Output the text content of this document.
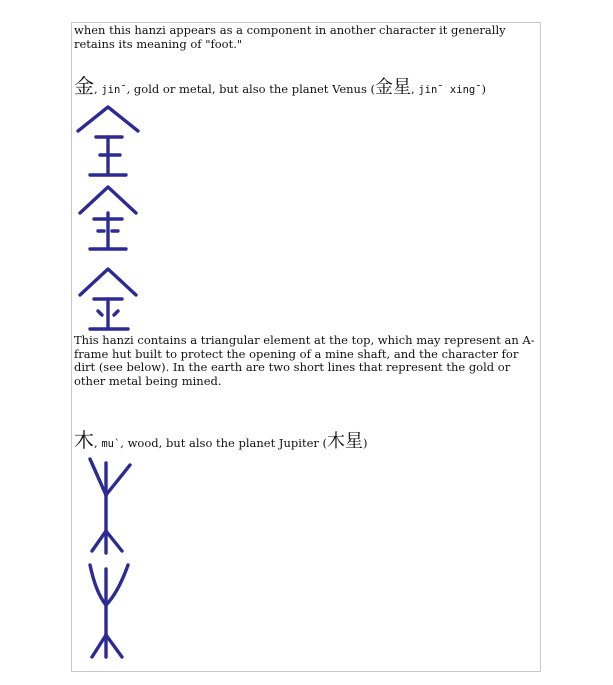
when this hanzi appears as a component in another character it generally retains its meaning of "foot."

金 ,
jin¯ ,
gold or metal, but also the planet Venus ( 金星 ,
jin¯ xing¯ )

This hanzi contains a triangular element at the top, which may represent an A-frame hut built to protect the opening of a mine shaft, and the character for dirt (see below). In the earth are two short lines that represent the gold or other metal being mined.

木 ,
mu` ,
wood, but also the planet Jupiter ( 木星 )
